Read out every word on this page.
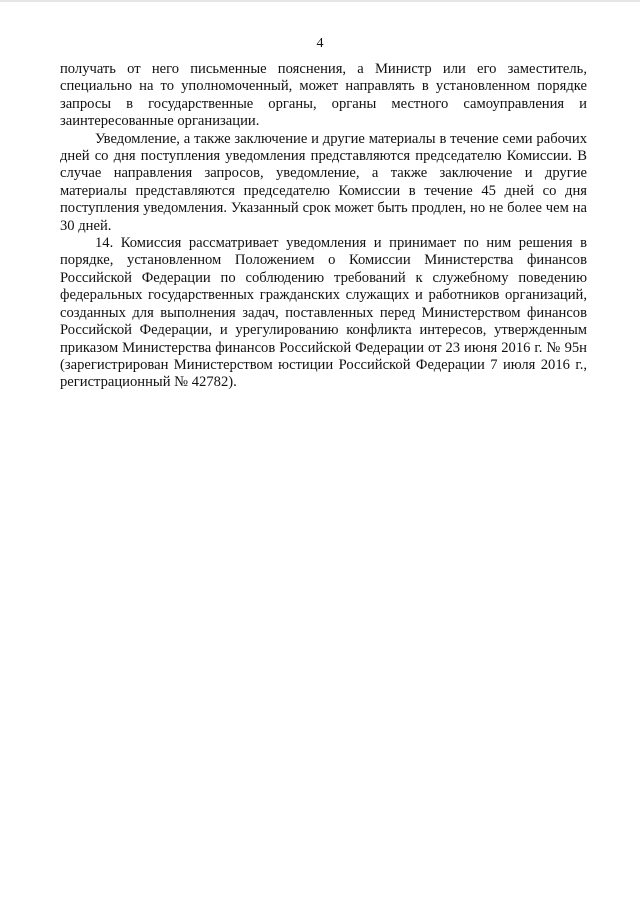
4

получать от него письменные пояснения, а Министр или его заместитель, специально на то уполномоченный, может направлять в установленном порядке запросы в государственные органы, органы местного самоуправления и заинтересованные организации.

Уведомление, а также заключение и другие материалы в течение семи рабочих дней со дня поступления уведомления представляются председателю Комиссии. В случае направления запросов, уведомление, а также заключение и другие материалы представляются председателю Комиссии в течение 45 дней со дня поступления уведомления. Указанный срок может быть продлен, но не более чем на 30 дней.

14. Комиссия рассматривает уведомления и принимает по ним решения в порядке, установленном Положением о Комиссии Министерства финансов Российской Федерации по соблюдению требований к служебному поведению федеральных государственных гражданских служащих и работников организаций, созданных для выполнения задач, поставленных перед Министерством финансов Российской Федерации, и урегулированию конфликта интересов, утвержденным приказом Министерства финансов Российской Федерации от 23 июня 2016 г. № 95н (зарегистрирован Министерством юстиции Российской Федерации 7 июля 2016 г., регистрационный № 42782).
